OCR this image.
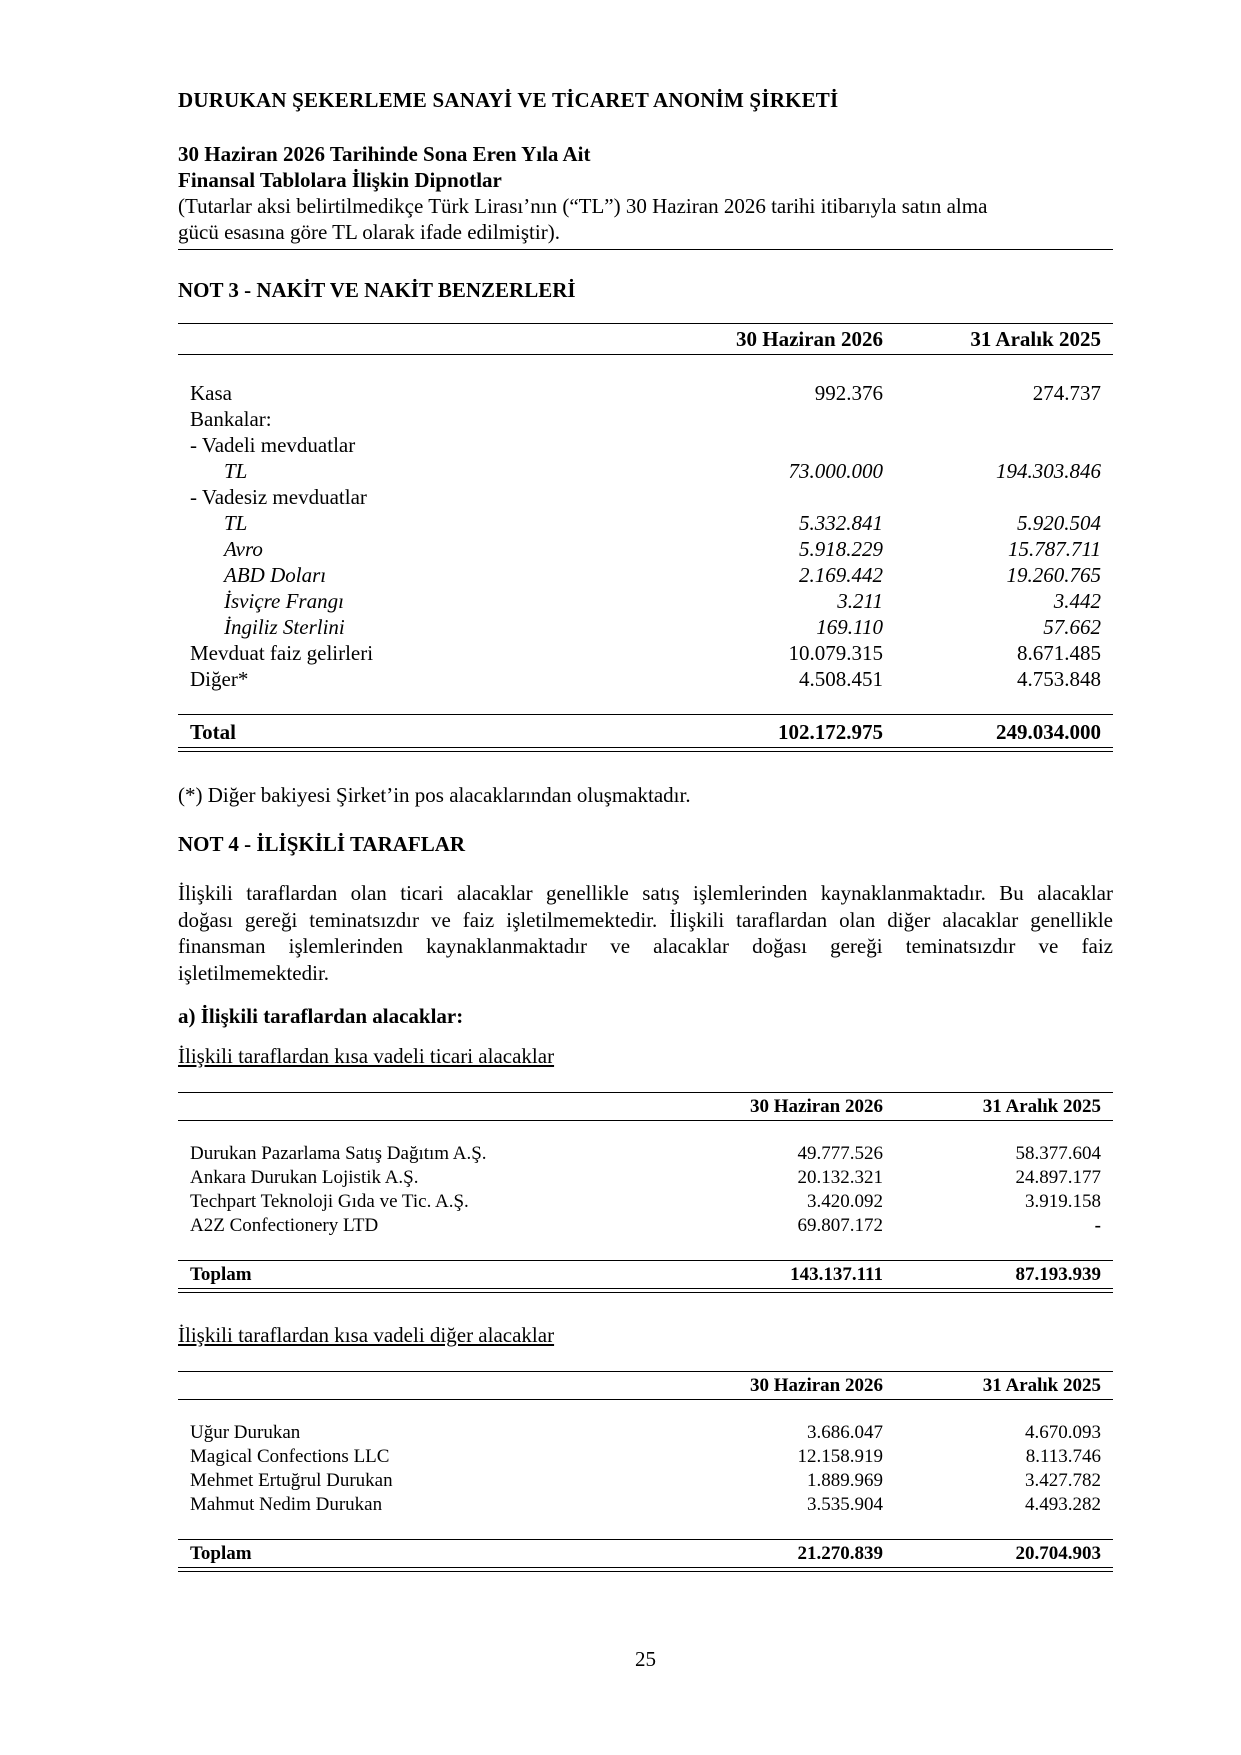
DURUKAN ŞEKERLEME SANAYİ VE TİCARET ANONİM ŞİRKETİ
30 Haziran 2026 Tarihinde Sona Eren Yıla Ait
Finansal Tablolara İlişkin Dipnotlar
(Tutarlar aksi belirtilmedikçe Türk Lirası’nın (“TL”) 30 Haziran 2026 tarihi itibarıyla satın alma
gücü esasına göre TL olarak ifade edilmiştir).
NOT 3 - NAKİT VE NAKİT BENZERLERİ
30 Haziran 2026	31 Aralık 2025
Kasa	992.376	274.737
Bankalar:
- Vadeli mevduatlar
TL	73.000.000	194.303.846
- Vadesiz mevduatlar
TL	5.332.841	5.920.504
Avro	5.918.229	15.787.711
ABD Doları	2.169.442	19.260.765
İsviçre Frangı	3.211	3.442
İngiliz Sterlini	169.110	57.662
Mevduat faiz gelirleri	10.079.315	8.671.485
Diğer*	4.508.451	4.753.848
Total	102.172.975	249.034.000
(*) Diğer bakiyesi Şirket’in pos alacaklarından oluşmaktadır.
NOT 4 - İLİŞKİLİ TARAFLAR
İlişkili taraflardan olan ticari alacaklar genellikle satış işlemlerinden kaynaklanmaktadır. Bu alacaklar
doğası gereği teminatsızdır ve faiz işletilmemektedir. İlişkili taraflardan olan diğer alacaklar genellikle
finansman işlemlerinden kaynaklanmaktadır ve alacaklar doğası gereği teminatsızdır ve faiz
işletilmemektedir.
a) İlişkili taraflardan alacaklar:
İlişkili taraflardan kısa vadeli ticari alacaklar
30 Haziran 2026	31 Aralık 2025
Durukan Pazarlama Satış Dağıtım A.Ş.	49.777.526	58.377.604
Ankara Durukan Lojistik A.Ş.	20.132.321	24.897.177
Techpart Teknoloji Gıda ve Tic. A.Ş.	3.420.092	3.919.158
A2Z Confectionery LTD	69.807.172	-
Toplam	143.137.111	87.193.939
İlişkili taraflardan kısa vadeli diğer alacaklar
30 Haziran 2026	31 Aralık 2025
Uğur Durukan	3.686.047	4.670.093
Magical Confections LLC	12.158.919	8.113.746
Mehmet Ertuğrul Durukan	1.889.969	3.427.782
Mahmut Nedim Durukan	3.535.904	4.493.282
Toplam	21.270.839	20.704.903
25
